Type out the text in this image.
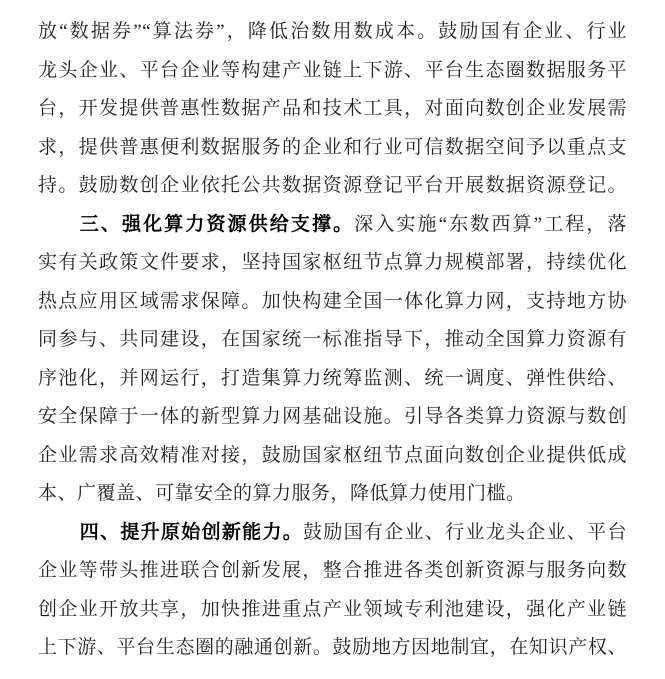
放“数据券”“算法券”，降低治数用数成本。鼓励国有企业、行业
龙头企业、平台企业等构建产业链上下游、平台生态圈数据服务平
台，开发提供普惠性数据产品和技术工具，对面向数创企业发展需
求，提供普惠便利数据服务的企业和行业可信数据空间予以重点支
持。鼓励数创企业依托公共数据资源登记平台开展数据资源登记。
三、强化算力资源供给支撑。深入实施“东数西算”工程，落
实有关政策文件要求，坚持国家枢纽节点算力规模部署，持续优化
热点应用区域需求保障。加快构建全国一体化算力网，支持地方协
同参与、共同建设，在国家统一标准指导下，推动全国算力资源有
序池化，并网运行，打造集算力统筹监测、统一调度、弹性供给、
安全保障于一体的新型算力网基础设施。引导各类算力资源与数创
企业需求高效精准对接，鼓励国家枢纽节点面向数创企业提供低成
本、广覆盖、可靠安全的算力服务，降低算力使用门槛。
四、提升原始创新能力。鼓励国有企业、行业龙头企业、平台
企业等带头推进联合创新发展，整合推进各类创新资源与服务向数
创企业开放共享，加快推进重点产业领域专利池建设，强化产业链
上下游、平台生态圈的融通创新。鼓励地方因地制宜，在知识产权、
